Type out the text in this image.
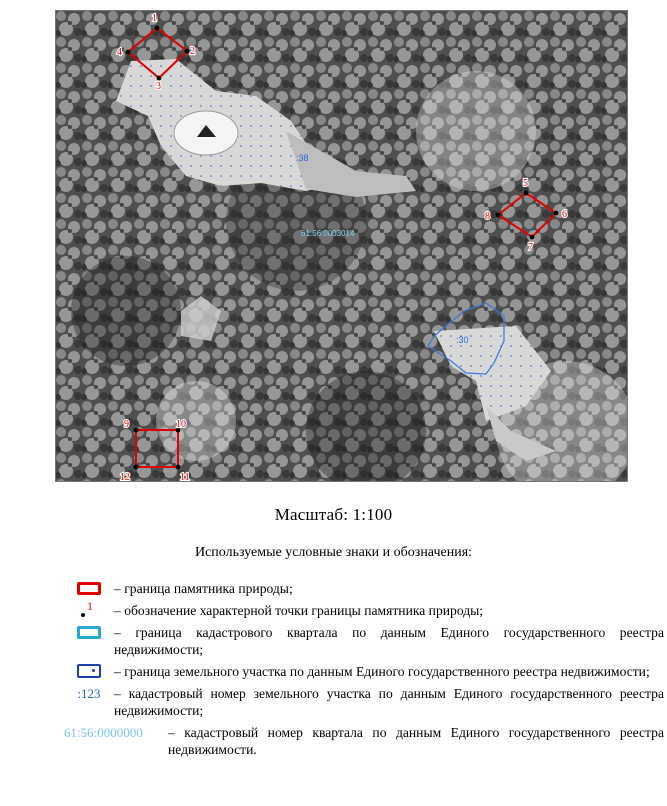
:38
:30
61:56:0003014
1
2
3
4
5
6
7
8
9	10
11
12
Масштаб: 1:100
Используемые условные знаки и обозначения:
– граница памятника природы;
1 – обозначение характерной точки границы памятника природы;
– граница кадастрового квартала по данным Единого государственного реестра недвижимости;
– граница земельного участка по данным Единого государственного реестра недвижимости;
:123 – кадастровый номер земельного участка по данным Единого государственного реестра недвижимости;
61:56:0000000 – кадастровый номер квартала по данным Единого государственного реестра недвижимости.
